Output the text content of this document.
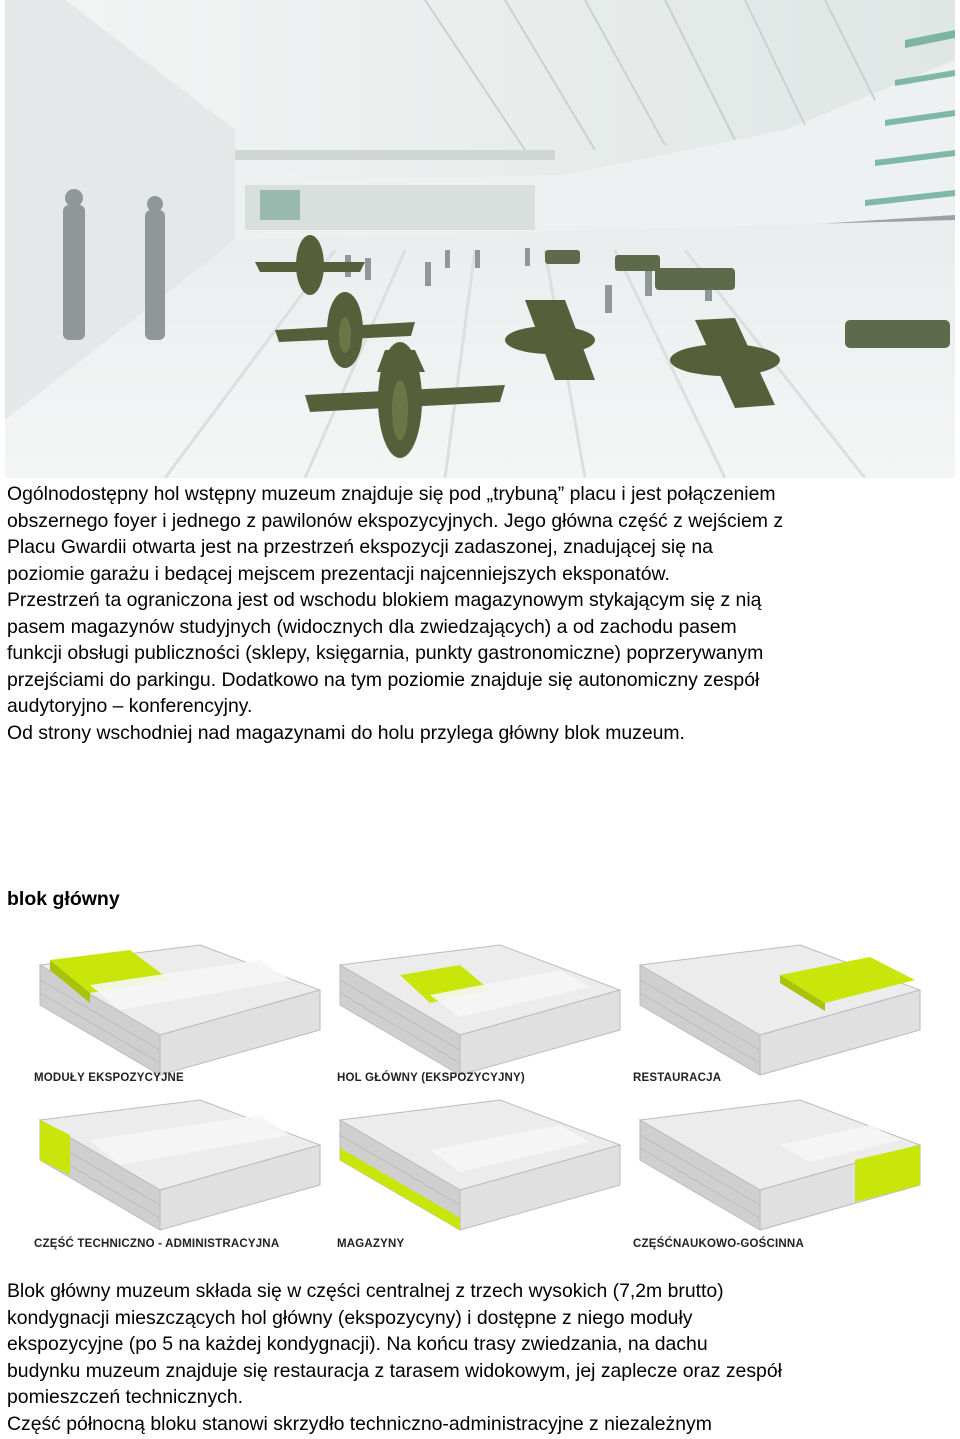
Ogólnodostępny hol wstępny muzeum znajduje się pod „trybuną” placu i jest połączeniem
obszernego foyer i jednego z pawilonów ekspozycyjnych. Jego główna część z wejściem z
Placu Gwardii otwarta jest na przestrzeń ekspozycji zadaszonej, znadującej się na
poziomie garażu i bedącej mejscem prezentacji najcenniejszych eksponatów.
Przestrzeń ta ograniczona jest od wschodu blokiem magazynowym stykającym się z nią
pasem magazynów studyjnych (widocznych dla zwiedzających) a od zachodu pasem
funkcji obsługi publiczności (sklepy, księgarnia, punkty gastronomiczne) poprzerywanym
przejściami do parkingu. Dodatkowo na tym poziomie znajduje się autonomiczny zespół
audytoryjno – konferencyjny.
Od strony wschodniej nad magazynami do holu przylega główny blok muzeum.
blok główny
MODUŁY EKSPOZYCYJNE	HOL GŁÓWNY (EKSPOZYCYJNY)	RESTAURACJA
CZĘŚĆ TECHNICZNO - ADMINISTRACYJNA	MAGAZYNY	CZĘŚĆNAUKOWO-GOŚCINNA
Blok główny muzeum składa się w części centralnej z trzech wysokich (7,2m brutto)
kondygnacji mieszczących hol główny (ekspozycyny) i dostępne z niego moduły
ekspozycyjne (po 5 na każdej kondygnacji). Na końcu trasy zwiedzania, na dachu
budynku muzeum znajduje się restauracja z tarasem widokowym, jej zaplecze oraz zespół
pomieszczeń technicznych.
Część północną bloku stanowi skrzydło techniczno-administracyjne z niezależnym
